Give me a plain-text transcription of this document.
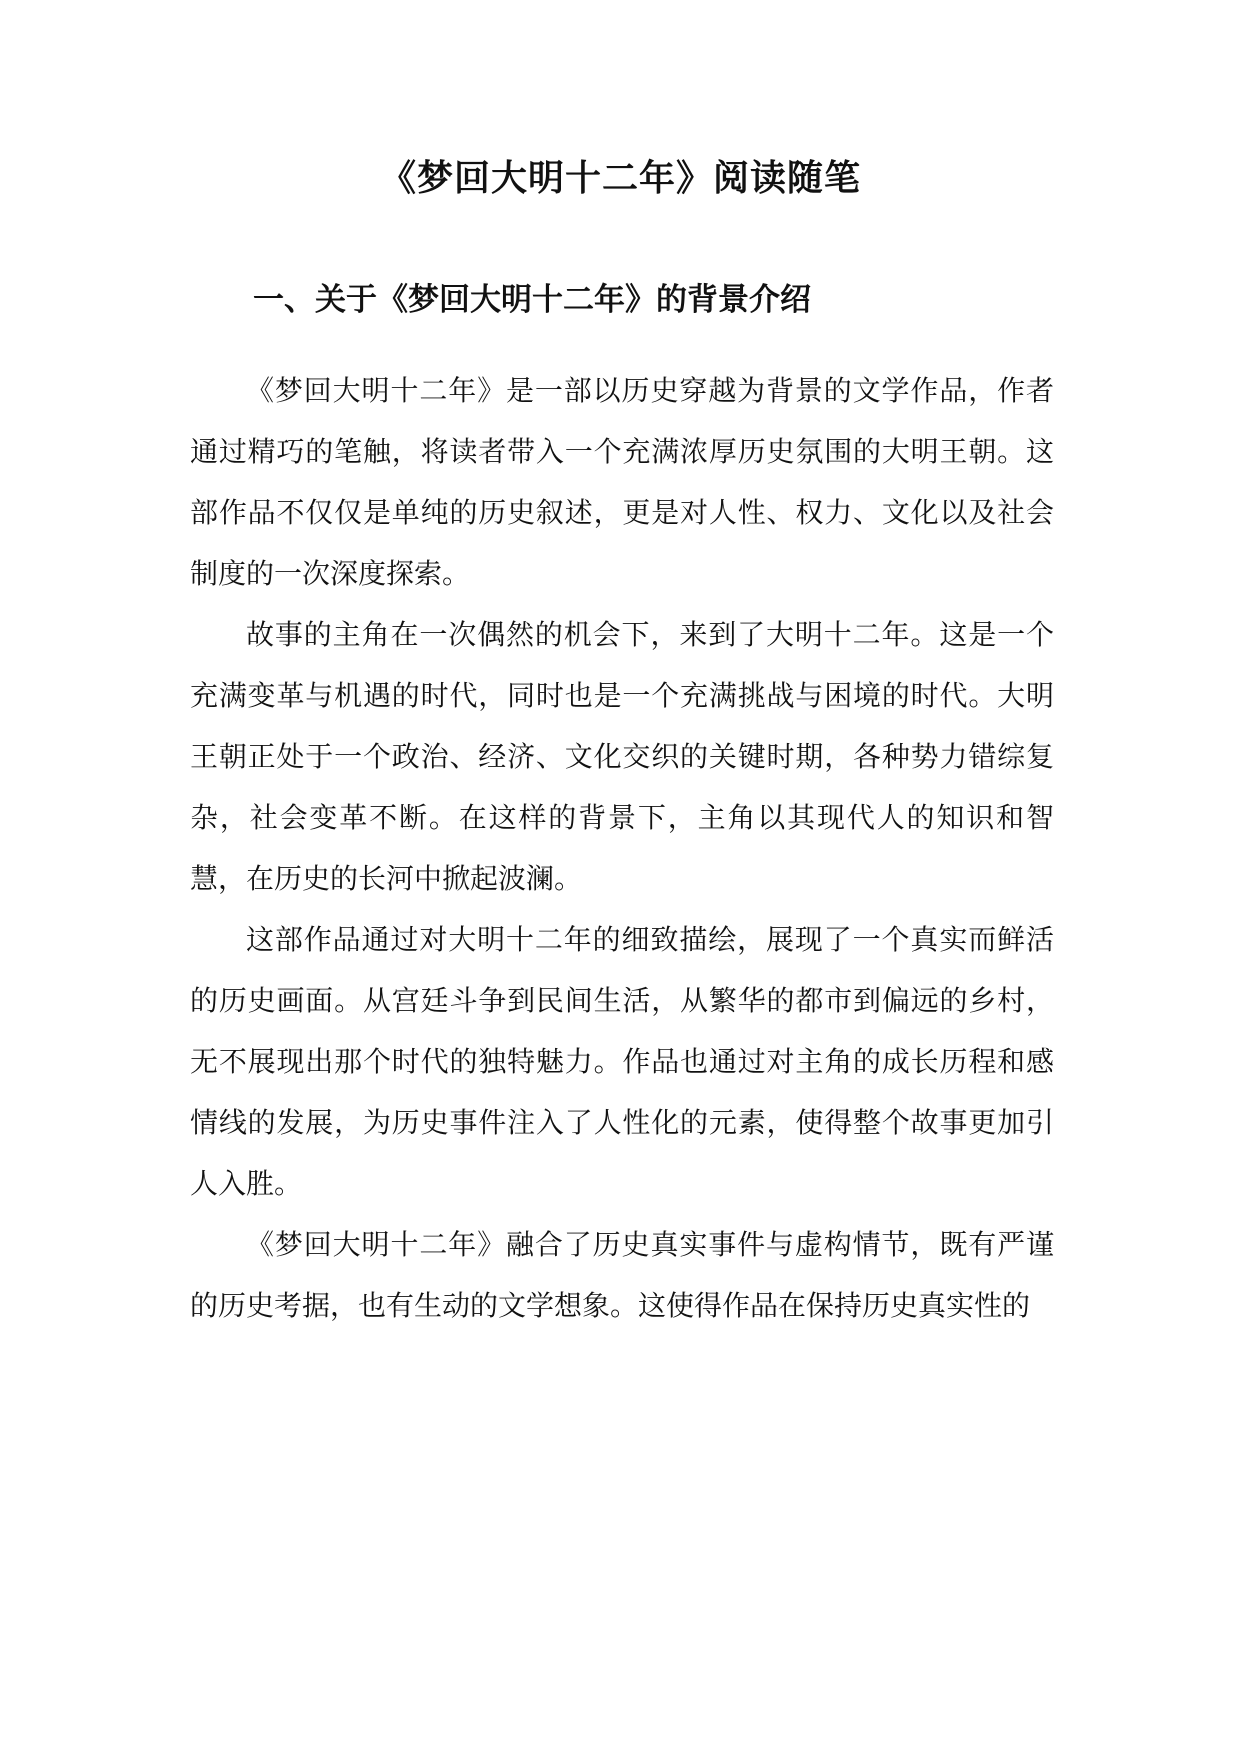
《梦回大明十二年》阅读随笔
一、关于《梦回大明十二年》的背景介绍

《梦回大明十二年》是一部以历史穿越为背景的文学作品，作者通过精巧的笔触，将读者带入一个充满浓厚历史氛围的大明王朝。这部作品不仅仅是单纯的历史叙述，更是对人性、权力、文化以及社会制度的一次深度探索。

故事的主角在一次偶然的机会下，来到了大明十二年。这是一个充满变革与机遇的时代，同时也是一个充满挑战与困境的时代。大明王朝正处于一个政治、经济、文化交织的关键时期，各种势力错综复杂，社会变革不断。在这样的背景下，主角以其现代人的知识和智慧，在历史的长河中掀起波澜。

这部作品通过对大明十二年的细致描绘，展现了一个真实而鲜活的历史画面。从宫廷斗争到民间生活，从繁华的都市到偏远的乡村，无不展现出那个时代的独特魅力。作品也通过对主角的成长历程和感情线的发展，为历史事件注入了人性化的元素，使得整个故事更加引人入胜。

《梦回大明十二年》融合了历史真实事件与虚构情节，既有严谨的历史考据，也有生动的文学想象。这使得作品在保持历史真实性的
